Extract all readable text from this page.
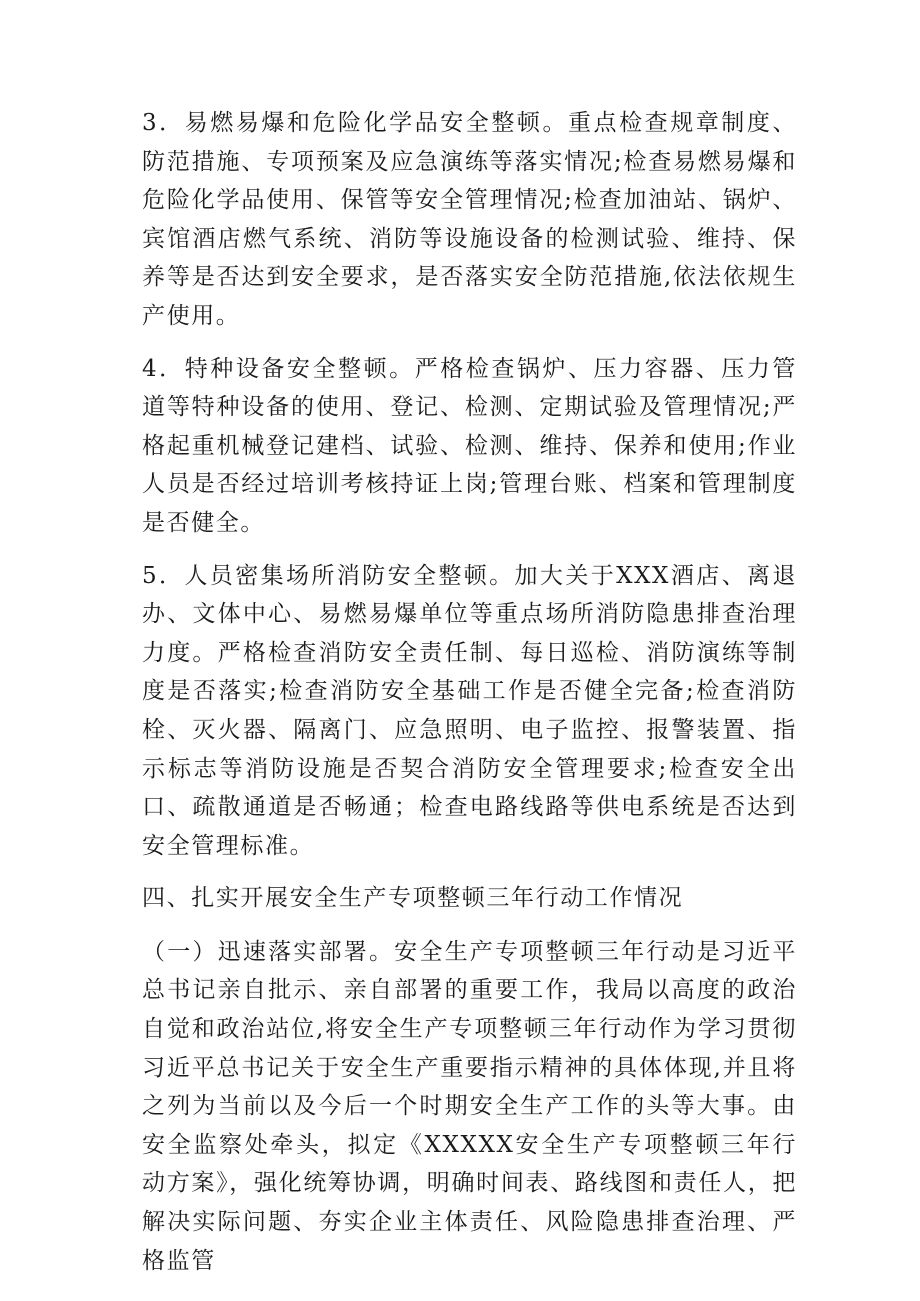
3．易燃易爆和危险化学品安全整顿。重点检查规章制度、防范措施、专项预案及应急演练等落实情况;检查易燃易爆和危险化学品使用、保管等安全管理情况;检查加油站、锅炉、宾馆酒店燃气系统、消防等设施设备的检测试验、维持、保养等是否达到安全要求，是否落实安全防范措施,依法依规生产使用。

4．特种设备安全整顿。严格检查锅炉、压力容器、压力管道等特种设备的使用、登记、检测、定期试验及管理情况;严格起重机械登记建档、试验、检测、维持、保养和使用;作业人员是否经过培训考核持证上岗;管理台账、档案和管理制度是否健全。

5．人员密集场所消防安全整顿。加大关于XXX酒店、离退办、文体中心、易燃易爆单位等重点场所消防隐患排查治理力度。严格检查消防安全责任制、每日巡检、消防演练等制度是否落实;检查消防安全基础工作是否健全完备;检查消防栓、灭火器、隔离门、应急照明、电子监控、报警装置、指示标志等消防设施是否契合消防安全管理要求;检查安全出口、疏散通道是否畅通；检查电路线路等供电系统是否达到安全管理标准。

四、扎实开展安全生产专项整顿三年行动工作情况

（一）迅速落实部署。安全生产专项整顿三年行动是习近平总书记亲自批示、亲自部署的重要工作，我局以高度的政治自觉和政治站位,将安全生产专项整顿三年行动作为学习贯彻习近平总书记关于安全生产重要指示精神的具体体现,并且将之列为当前以及今后一个时期安全生产工作的头等大事。由安全监察处牵头，拟定《XXXXX安全生产专项整顿三年行动方案》，强化统筹协调，明确时间表、路线图和责任人，把解决实际问题、夯实企业主体责任、风险隐患排查治理、严格监管
